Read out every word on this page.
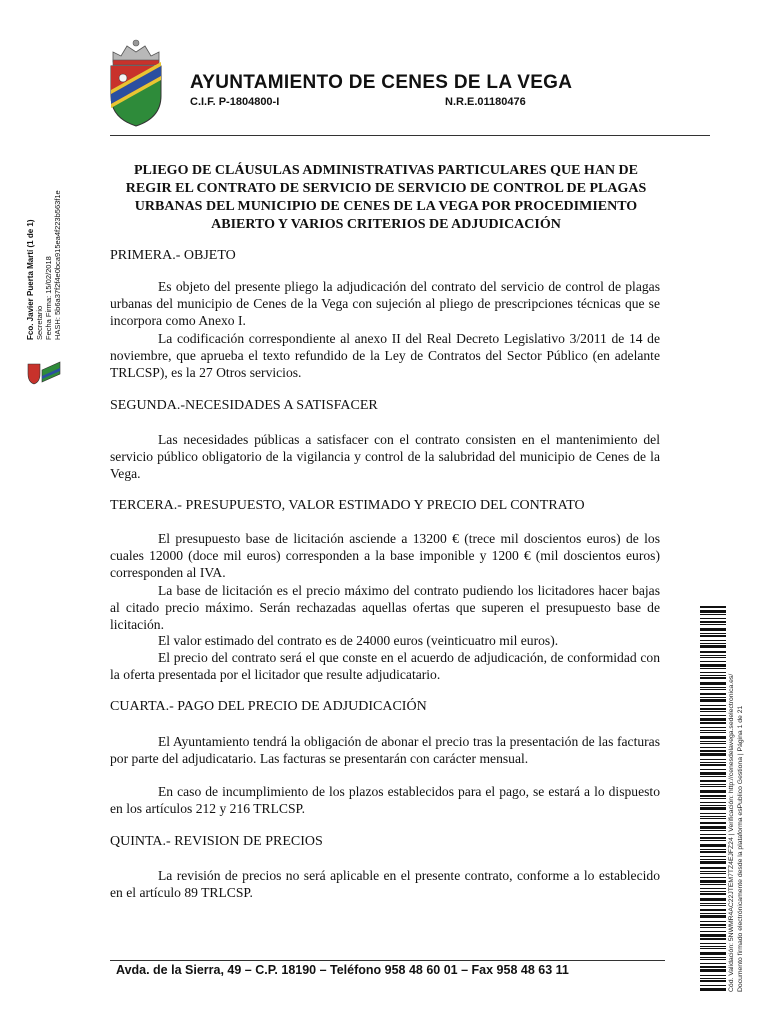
AYUNTAMIENTO DE CENES DE LA VEGA
C.I.F. P-1804800-I	N.R.E.01180476
Fco. Javier Puerta Martí (1 de 1) Secretario Fecha Firma: 15/02/2018 HASH: 5b6a37f2f4e0bca915ea4f223b563f1e
PLIEGO DE CLÁUSULAS ADMINISTRATIVAS PARTICULARES QUE HAN DE REGIR EL CONTRATO DE SERVICIO DE SERVICIO DE CONTROL DE PLAGAS URBANAS DEL MUNICIPIO DE CENES DE LA VEGA POR PROCEDIMIENTO ABIERTO Y VARIOS CRITERIOS DE ADJUDICACIÓN
PRIMERA.- OBJETO
Es objeto del presente pliego la adjudicación del contrato del servicio de control de plagas urbanas del municipio de Cenes de la Vega con sujeción al pliego de prescripciones técnicas que se incorpora como Anexo I.
La codificación correspondiente al anexo II del Real Decreto Legislativo 3/2011 de 14 de noviembre, que aprueba el texto refundido de la Ley de Contratos del Sector Público (en adelante TRLCSP), es la 27 Otros servicios.
SEGUNDA.-NECESIDADES A SATISFACER
Las necesidades públicas a satisfacer con el contrato consisten en el mantenimiento del servicio público obligatorio de la vigilancia y control de la salubridad del municipio de Cenes de la Vega.
TERCERA.- PRESUPUESTO, VALOR ESTIMADO Y PRECIO DEL CONTRATO
El presupuesto base de licitación asciende a 13200 € (trece mil doscientos euros) de los cuales 12000 (doce mil euros) corresponden a la base imponible y 1200 € (mil doscientos euros) corresponden al IVA.
La base de licitación es el precio máximo del contrato pudiendo los licitadores hacer bajas al citado precio máximo. Serán rechazadas aquellas ofertas que superen el presupuesto base de licitación.
El valor estimado del contrato es de 24000 euros (veinticuatro mil euros).
El precio del contrato será el que conste en el acuerdo de adjudicación, de conformidad con la oferta presentada por el licitador que resulte adjudicatario.
CUARTA.- PAGO DEL PRECIO DE ADJUDICACIÓN
El Ayuntamiento tendrá la obligación de abonar el precio tras la presentación de las facturas por parte del adjudicatario. Las facturas se presentarán con carácter mensual.
En caso de incumplimiento de los plazos establecidos para el pago, se estará a lo dispuesto en los artículos 212 y 216 TRLCSP.
QUINTA.- REVISION DE PRECIOS
La revisión de precios no será aplicable en el presente contrato, conforme a lo establecido en el artículo 89 TRLCSP.	Cód. Validación: 5NWMR4AC22JTEM7TZ4EJFZ24 | Verificación: http://cenesdelavega.sedelectronica.es/ Documento firmado electrónicamente desde la plataforma esPublico Gestiona | Página 1 de 21
Avda. de la Sierra, 49 – C.P. 18190 – Teléfono 958 48 60 01 – Fax 958 48 63 11
